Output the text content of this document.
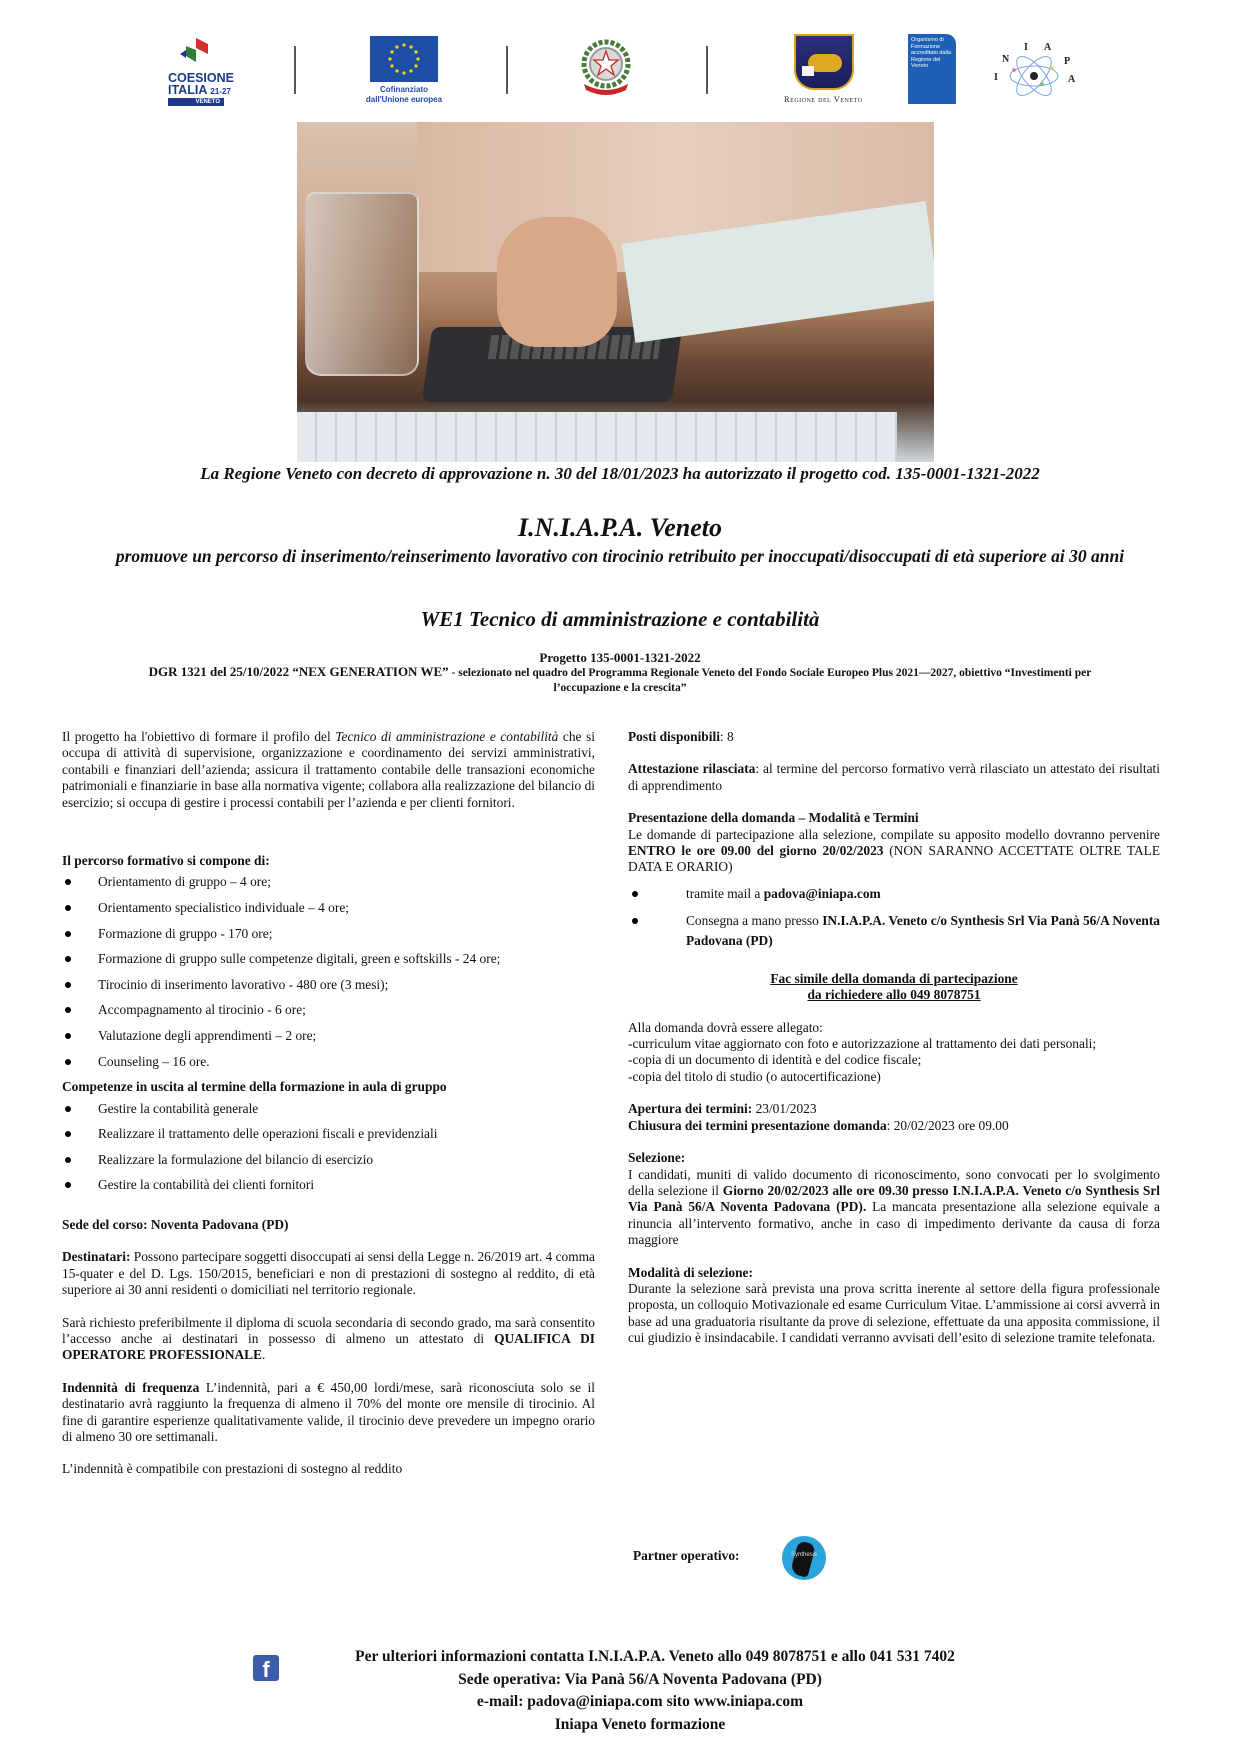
COESIONE
ITALIA 21-27
VENETO
Cofinanziato
dall'Unione europea	Regione del Veneto
Organismo di Formazione accreditato dalla Regione del Veneto
I
N
I A
P
A
La Regione Veneto con decreto di approvazione n. 30 del 18/01/2023 ha autorizzato il progetto cod. 135-0001-1321-2022
I.N.I.A.P.A. Veneto
promuove un percorso di inserimento/reinserimento lavorativo con tirocinio retribuito per inoccupati/disoccupati di età superiore ai 30 anni
WE1 Tecnico di amministrazione e contabilità
Progetto 135-0001-1321-2022
DGR 1321 del 25/10/2022 “NEX GENERATION WE” - selezionato nel quadro del Programma Regionale Veneto del Fondo Sociale Europeo Plus 2021—2027, obiettivo “Investimenti per l’occupazione e la crescita”

Il progetto ha l'obiettivo di formare il profilo del Tecnico di amministrazione e contabilità che si occupa di attività di supervisione, organizzazione e coordinamento dei servizi amministrativi, contabili e finanziari dell’azienda; assicura il trattamento contabile delle transazioni economiche patrimoniali e finanziarie in base alla normativa vigente; collabora alla realizzazione del bilancio di esercizio; si occupa di gestire i processi contabili per l’azienda e per clienti fornitori.

Il percorso formativo si compone di:

Orientamento di gruppo – 4 ore;
Orientamento specialistico individuale – 4 ore;
Formazione di gruppo - 170 ore;
Formazione di gruppo sulle competenze digitali, green e softskills - 24 ore;
Tirocinio di inserimento lavorativo - 480 ore (3 mesi);
Accompagnamento al tirocinio - 6 ore;
Valutazione degli apprendimenti – 2 ore;
Counseling – 16 ore.

Competenze in uscita al termine della formazione in aula di gruppo

Gestire la contabilità generale
Realizzare il trattamento delle operazioni fiscali e previdenziali
Realizzare la formulazione del bilancio di esercizio
Gestire la contabilità dei clienti fornitori

Sede del corso: Noventa Padovana (PD)

Destinatari: Possono partecipare soggetti disoccupati ai sensi della Legge n. 26/2019 art. 4 comma 15-quater e del D. Lgs. 150/2015, beneficiari e non di prestazioni di sostegno al reddito, di età superiore ai 30 anni residenti o domiciliati nel territorio regionale.

Sarà richiesto preferibilmente il diploma di scuola secondaria di secondo grado, ma sarà consentito l’accesso anche ai destinatari in possesso di almeno un attestato di QUALIFICA DI OPERATORE PROFESSIONALE.

Indennità di frequenza L’indennità, pari a € 450,00 lordi/mese, sarà riconosciuta solo se il destinatario avrà raggiunto la frequenza di almeno il 70% del monte ore mensile di tirocinio. Al fine di garantire esperienze qualitativamente valide, il tirocinio deve prevedere un impegno orario di almeno 30 ore settimanali.

L’indennità è compatibile con prestazioni di sostegno al reddito

Posti disponibili: 8

Attestazione rilasciata: al termine del percorso formativo verrà rilasciato un attestato dei risultati di apprendimento

Presentazione della domanda – Modalità e Termini

Le domande di partecipazione alla selezione, compilate su apposito modello dovranno pervenire ENTRO le ore 09.00 del giorno 20/02/2023 (NON SARANNO ACCETTATE OLTRE TALE DATA E ORARIO)

tramite mail a padova@iniapa.com
Consegna a mano presso IN.I.A.P.A. Veneto c/o Synthesis Srl Via Panà 56/A Noventa Padovana (PD)
Fac simile della domanda di partecipazione
da richiedere allo 049 8078751

Alla domanda dovrà essere allegato:

-curriculum vitae aggiornato con foto e autorizzazione al trattamento dei dati personali;

-copia di un documento di identità e del codice fiscale;

-copia del titolo di studio (o autocertificazione)

Apertura dei termini: 23/01/2023

Chiusura dei termini presentazione domanda: 20/02/2023 ore 09.00

Selezione:

I candidati, muniti di valido documento di riconoscimento, sono convocati per lo svolgimento della selezione il Giorno 20/02/2023 alle ore 09.30 presso I.N.I.A.P.A. Veneto c/o Synthesis Srl Via Panà 56/A Noventa Padovana (PD). La mancata presentazione alla selezione equivale a rinuncia all’intervento formativo, anche in caso di impedimento derivante da causa di forza maggiore

Modalità di selezione:

Durante la selezione sarà prevista una prova scritta inerente al settore della figura professionale proposta, un colloquio Motivazionale ed esame Curriculum Vitae. L’ammissione ai corsi avverrà in base ad una graduatoria risultante da prove di selezione, effettuate da una apposita commissione, il cui giudizio è insindacabile. I candidati verranno avvisati dell’esito di selezione tramite telefonata.

Partner operativo:	Synthesis
f
Per ulteriori informazioni contatta I.N.I.A.P.A. Veneto allo 049 8078751 e allo 041 531 7402
Sede operativa: Via Panà 56/A Noventa Padovana (PD)
e-mail: padova@iniapa.com sito www.iniapa.com
Iniapa Veneto formazione
